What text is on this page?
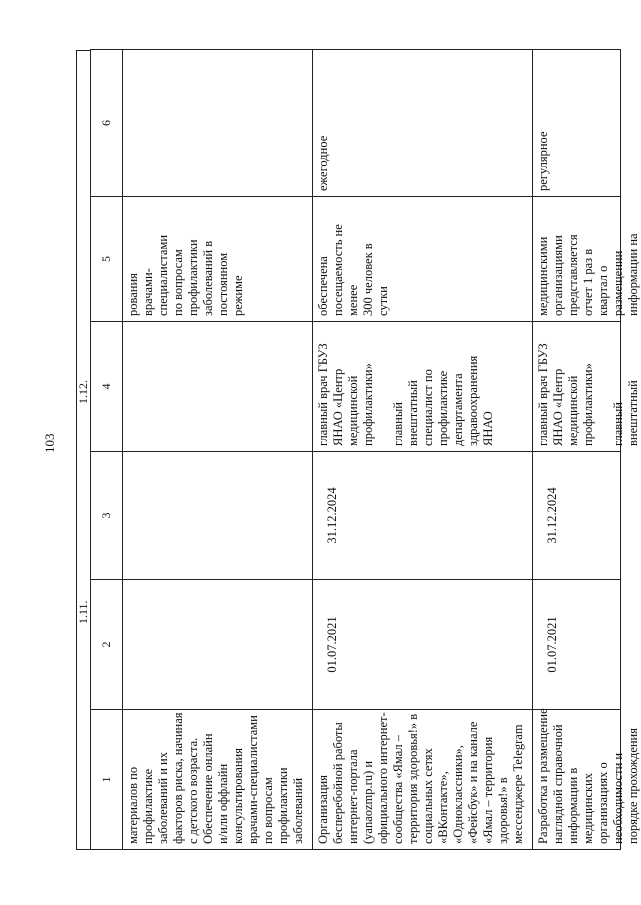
103
1
2
3
4
5
6
материалов по профилактике заболеваний и их факторов риска, начиная с детского возраста. Обеспечение онлайн и/или оффлайн консультирования врачами-специалистами по вопросам профилактики заболеваний
рования врачами- специалистами по вопросам профилактики заболеваний в постоянном режиме
Организация бесперебойной работы интернет-портала (yanaozmp.ru) и официального интернет- сообщества «Ямал – территория здоровья!» в социальных сетях «ВКонтакте», «Одноклассники», «Фейсбук» и на канале «Ямал – территория здоровья!» в мессенджере Telegram
01.07.2021
31.12.2024
главный врач ГБУЗ ЯНАО «Центр медицинской профилактики» главный внештатный специалист по профилактике департамента здравоохранения ЯНАО
обеспечена посещаемость не менее 300 человек в сутки
ежегодное
Разработка и размещение наглядной справочной информации в медицинских организациях о необходимости и порядке прохождения
01.07.2021
31.12.2024
главный врач ГБУЗ ЯНАО «Центр медицинской профилактики» главный внештатный
медицинскими организациями представляется отчет 1 раз в квартал о размещении информации на
регулярное
1.11.
1.12.
